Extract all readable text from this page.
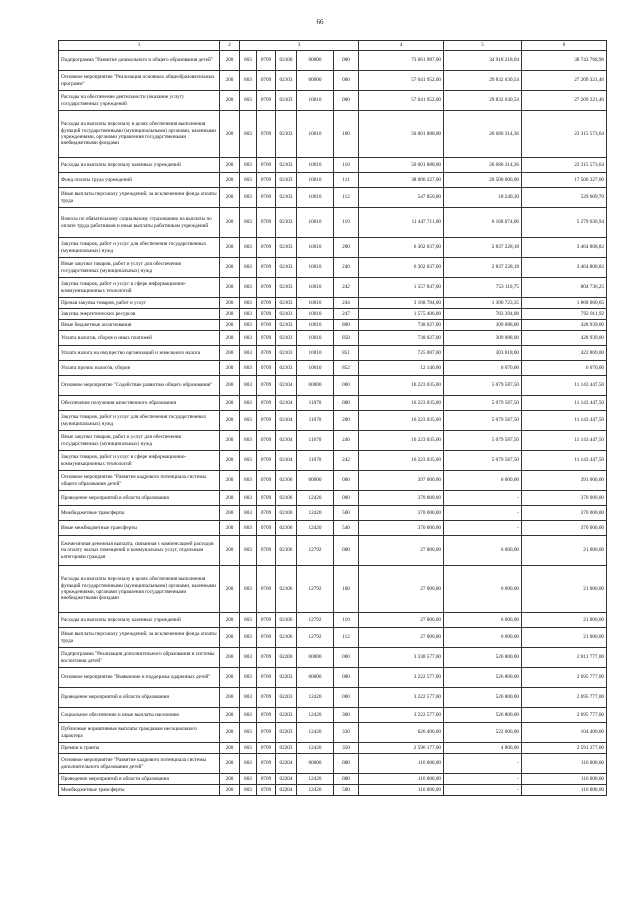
66
1	2	3					4	5	6
Подпрограмма "Развитие дошкольного и общего образования детей"	200	803	0709	02100	00000	000	73 661 987,00	34 918 218,04	38 743 768,96
Основное мероприятие "Реализация основных общеобразовательных программ"	200	803	0709	02103	00000	000	57 041 952,00	29 832 630,54	27 209 321,46
Расходы на обеспечение деятельности (оказание услуг) государственных учреждений	200	803	0709	02103	10010	000	57 041 952,00	29 832 630,54	27 209 321,46
Расходы на выплаты персоналу в целях обеспечения выполнения функций государственными (муниципальными) органами, казенными учреждениями, органами управления государственными внебюджетными фондами	200	803	0709	02103	10010	100	50 001 888,00	26 686 314,36	23 315 573,64
Расходы на выплаты персоналу казенных учреждений	200	803	0709	02103	10010	110	50 001 888,00	26 686 314,36	23 315 573,64
Фонд оплаты труда учреждений	200	803	0709	02103	10010	111	38 006 327,00	20 500 000,00	17 506 327,00
Иные выплаты персоналу учреждений, за исключением фонда оплаты труда	200	803	0709	02103	10010	112	547 850,00	18 240,30	529 609,70
Взносы по обязательному социальному страхованию на выплаты по оплате труда работников и иные выплаты работникам учреждений	200	803	0709	02103	10010	119	11 447 711,00	6 168 074,06	5 279 636,94
Закупка товаров, работ и услуг для обеспечения государственных (муниципальных) нужд	200	803	0709	02103	10010	200	6 302 037,00	2 837 228,18	3 464 808,82
Иные закупки товаров, работ и услуг для обеспечения государственных (муниципальных) нужд	200	803	0709	02103	10010	240	6 302 037,00	2 837 228,18	3 464 808,82
Закупка товаров, работ и услуг в сфере информационно-коммуникационных технологий	200	803	0709	02103	10010	242	1 557 847,00	753 110,75	804 736,25
Прочая закупка товаров, работ и услуг	200	803	0709	02103	10010	244	3 168 784,00	1 300 723,35	1 868 060,65
Закупка энергетических ресурсов	200	803	0709	02103	10010	247	1 575 406,00	783 394,08	792 011,92
Иные бюджетные ассигнования	200	803	0709	02103	10010	800	738 027,00	309 088,00	428 939,00
Уплата налогов, сборов и иных платежей	200	803	0709	02103	10010	850	738 027,00	309 088,00	428 939,00
Уплата налога на имущество организаций и земельного налога	200	803	0709	02103	10010	851	725 887,00	303 018,00	422 869,00
Уплата прочих налогов, сборов	200	803	0709	02103	10010	852	12 140,00	6 070,00	6 070,00
Основное мероприятие "Содействие развитию общего образования"	200	803	0709	02104	00000	000	16 223 035,00	5 079 587,50	11 143 447,50
Обеспечение получения качественного образования	200	803	0709	02104	11070	000	16 223 035,00	5 079 587,50	11 143 447,50
Закупка товаров, работ и услуг для обеспечения государственных (муниципальных) нужд	200	803	0709	02104	11070	200	16 223 035,00	5 079 587,50	11 143 447,50
Иные закупки товаров, работ и услуг для обеспечения государственных (муниципальных) нужд	200	803	0709	02104	11070	240	16 223 035,00	5 079 587,50	11 143 447,50
Закупка товаров, работ и услуг в сфере информационно-коммуникационных технологий	200	803	0709	02104	11070	242	16 223 035,00	5 079 587,50	11 143 447,50
Основное мероприятие "Развитие кадрового потенциала системы общего образования детей"	200	803	0709	02106	00000	000	397 000,00	6 000,00	391 000,00
Проведение мероприятий в области образования	200	803	0709	02106	12420	000	370 000,00	-	370 000,00
Межбюджетные трансферты	200	803	0709	02106	12420	500	370 000,00	-	370 000,00
Иные межбюджетные трансферты	200	803	0709	02106	12420	540	370 000,00	-	370 000,00
Ежемесячная денежная выплата, связанная с компенсацией расходов на оплату жилых помещений и коммунальных услуг, отдельным категориям граждан	200	803	0709	02106	12792	000	27 000,00	6 000,00	21 000,00
Расходы на выплаты персоналу в целях обеспечения выполнения функций государственными (муниципальными) органами, казенными учреждениями, органами управления государственными внебюджетными фондами	200	803	0709	02106	12792	100	27 000,00	6 000,00	21 000,00
Расходы на выплаты персоналу казенных учреждений	200	803	0709	02106	12792	110	27 000,00	6 000,00	21 000,00
Иные выплаты персоналу учреждений, за исключением фонда оплаты труда	200	803	0709	02106	12792	112	27 000,00	6 000,00	21 000,00
Подпрограмма "Реализация дополнительного образования и системы воспитания детей"	200	803	0709	02200	00000	000	3 338 577,00	526 800,00	2 811 777,00
Основное мероприятие "Выявление и поддержка одаренных детей"	200	803	0709	02203	00000	000	3 222 577,00	526 800,00	2 695 777,00
Проведение мероприятий в области образования	200	803	0709	02203	12420	000	3 222 577,00	526 800,00	2 695 777,00
Социальное обеспечение и иные выплаты населению	200	803	0709	02203	12420	300	3 222 577,00	526 800,00	2 695 777,00
Публичные нормативные выплаты гражданам несоциального характера	200	803	0709	02203	12420	330	626 400,00	522 000,00	104 400,00
Премии и гранты	200	803	0709	02203	12420	350	2 596 177,00	4 800,00	2 591 377,00
Основное мероприятие "Развитие кадрового потенциала системы дополнительного образования детей"	200	803	0709	02204	00000	000	116 000,00	-	116 000,00
Проведение мероприятий в области образования	200	803	0709	02204	12420	000	116 000,00	-	116 000,00
Межбюджетные трансферты	200	803	0709	02204	12420	500	116 000,00	-	116 000,00
